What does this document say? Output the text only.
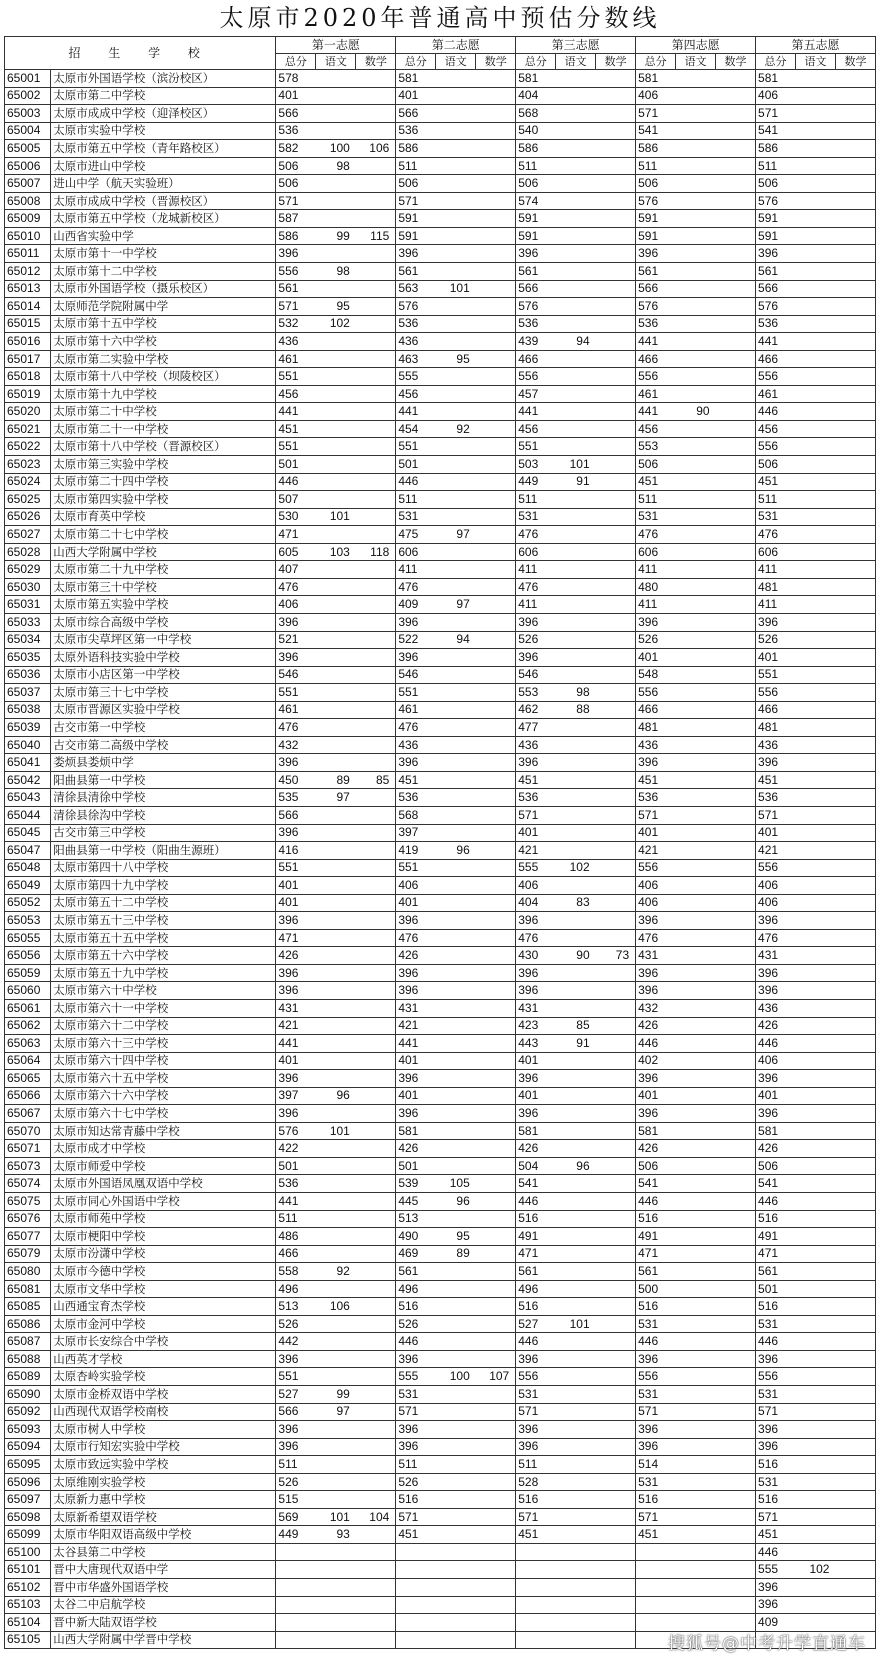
太原市2020年普通高中预估分数线
招 生 学 校		第一志愿			第二志愿			第三志愿			第四志愿			第五志愿		
		总分	语文	数学	总分	语文	数学	总分	语文	数学	总分	语文	数学	总分	语文	数学
65001	太原市外国语学校（滨汾校区）	578			581			581			581			581		
65002	太原市第二中学校	401			401			404			406			406		
65003	太原市成成中学校（迎泽校区）	566			566			568			571			571		
65004	太原市实验中学校	536			536			540			541			541		
65005	太原市第五中学校（青年路校区）	582	100	106	586			586			586			586		
65006	太原市进山中学校	506	98		511			511			511			511		
65007	进山中学（航天实验班）	506			506			506			506			506		
65008	太原市成成中学校（晋源校区）	571			571			574			576			576		
65009	太原市第五中学校（龙城新校区）	587			591			591			591			591		
65010	山西省实验中学	586	99	115	591			591			591			591		
65011	太原市第十一中学校	396			396			396			396			396		
65012	太原市第十二中学校	556	98		561			561			561			561		
65013	太原市外国语学校（摄乐校区）	561			563	101		566			566			566		
65014	太原师范学院附属中学	571	95		576			576			576			576		
65015	太原市第十五中学校	532	102		536			536			536			536		
65016	太原市第十六中学校	436			436			439	94		441			441		
65017	太原市第二实验中学校	461			463	95		466			466			466		
65018	太原市第十八中学校（坝陵校区）	551			555			556			556			556		
65019	太原市第十九中学校	456			456			457			461			461		
65020	太原市第二十中学校	441			441			441			441	90		446		
65021	太原市第二十一中学校	451			454	92		456			456			456		
65022	太原市第十八中学校（晋源校区）	551			551			551			553			556		
65023	太原市第三实验中学校	501			501			503	101		506			506		
65024	太原市第二十四中学校	446			446			449	91		451			451		
65025	太原市第四实验中学校	507			511			511			511			511		
65026	太原市育英中学校	530	101		531			531			531			531		
65027	太原市第二十七中学校	471			475	97		476			476			476		
65028	山西大学附属中学校	605	103	118	606			606			606			606		
65029	太原市第二十九中学校	407			411			411			411			411		
65030	太原市第三十中学校	476			476			476			480			481		
65031	太原市第五实验中学校	406			409	97		411			411			411		
65033	太原市综合高级中学校	396			396			396			396			396		
65034	太原市尖草坪区第一中学校	521			522	94		526			526			526		
65035	太原外语科技实验中学校	396			396			396			401			401		
65036	太原市小店区第一中学校	546			546			546			548			551		
65037	太原市第三十七中学校	551			551			553	98		556			556		
65038	太原市晋源区实验中学校	461			461			462	88		466			466		
65039	古交市第一中学校	476			476			477			481			481		
65040	古交市第二高级中学校	432			436			436			436			436		
65041	娄烦县娄烦中学	396			396			396			396			396		
65042	阳曲县第一中学校	450	89	85	451			451			451			451		
65043	清徐县清徐中学校	535	97		536			536			536			536		
65044	清徐县徐沟中学校	566			568			571			571			571		
65045	古交市第三中学校	396			397			401			401			401		
65047	阳曲县第一中学校（阳曲生源班）	416			419	96		421			421			421		
65048	太原市第四十八中学校	551			551			555	102		556			556		
65049	太原市第四十九中学校	401			406			406			406			406		
65052	太原市第五十二中学校	401			401			404	83		406			406		
65053	太原市第五十三中学校	396			396			396			396			396		
65055	太原市第五十五中学校	471			476			476			476			476		
65056	太原市第五十六中学校	426			426			430	90	73	431			431		
65059	太原市第五十九中学校	396			396			396			396			396		
65060	太原市第六十中学校	396			396			396			396			396		
65061	太原市第六十一中学校	431			431			431			432			436		
65062	太原市第六十二中学校	421			421			423	85		426			426		
65063	太原市第六十三中学校	441			441			443	91		446			446		
65064	太原市第六十四中学校	401			401			401			402			406		
65065	太原市第六十五中学校	396			396			396			396			396		
65066	太原市第六十六中学校	397	96		401			401			401			401		
65067	太原市第六十七中学校	396			396			396			396			396		
65070	太原市知达常青藤中学校	576	101		581			581			581			581		
65071	太原市成才中学校	422			426			426			426			426		
65073	太原市师爱中学校	501			501			504	96		506			506		
65074	太原市外国语凤凰双语中学校	536			539	105		541			541			541		
65075	太原市同心外国语中学校	441			445	96		446			446			446		
65076	太原市师苑中学校	511			513			516			516			516		
65077	太原市梗阳中学校	486			490	95		491			491			491		
65079	太原市汾潇中学校	466			469	89		471			471			471		
65080	太原市今德中学校	558	92		561			561			561			561		
65081	太原市文华中学校	496			496			496			500			501		
65085	山西通宝育杰学校	513	106		516			516			516			516		
65086	太原市金河中学校	526			526			527	101		531			531		
65087	太原市长安综合中学校	442			446			446			446			446		
65088	山西英才学校	396			396			396			396			396		
65089	太原杏岭实验学校	551			555	100	107	556			556			556		
65090	太原市金桥双语中学校	527	99		531			531			531			531		
65092	山西现代双语学校南校	566	97		571			571			571			571		
65093	太原市树人中学校	396			396			396			396			396		
65094	太原市行知宏实验中学校	396			396			396			396			396		
65095	太原市致远实验中学校	511			511			511			514			516		
65096	太原维刚实验学校	526			526			528			531			531		
65097	太原新力惠中学校	515			516			516			516			516		
65098	太原新希望双语学校	569	101	104	571			571			571			571		
65099	太原市华阳双语高级中学校	449	93		451			451			451			451		
65100	太谷县第二中学校													446		
65101	晋中大唐现代双语中学													555	102	
65102	晋中市华盛外国语学校													396		
65103	太谷二中启航学校													396		
65104	晋中新大陆双语学校													409		
65105	山西大学附属中学晋中学校																搜狐号@中考升学直通车
